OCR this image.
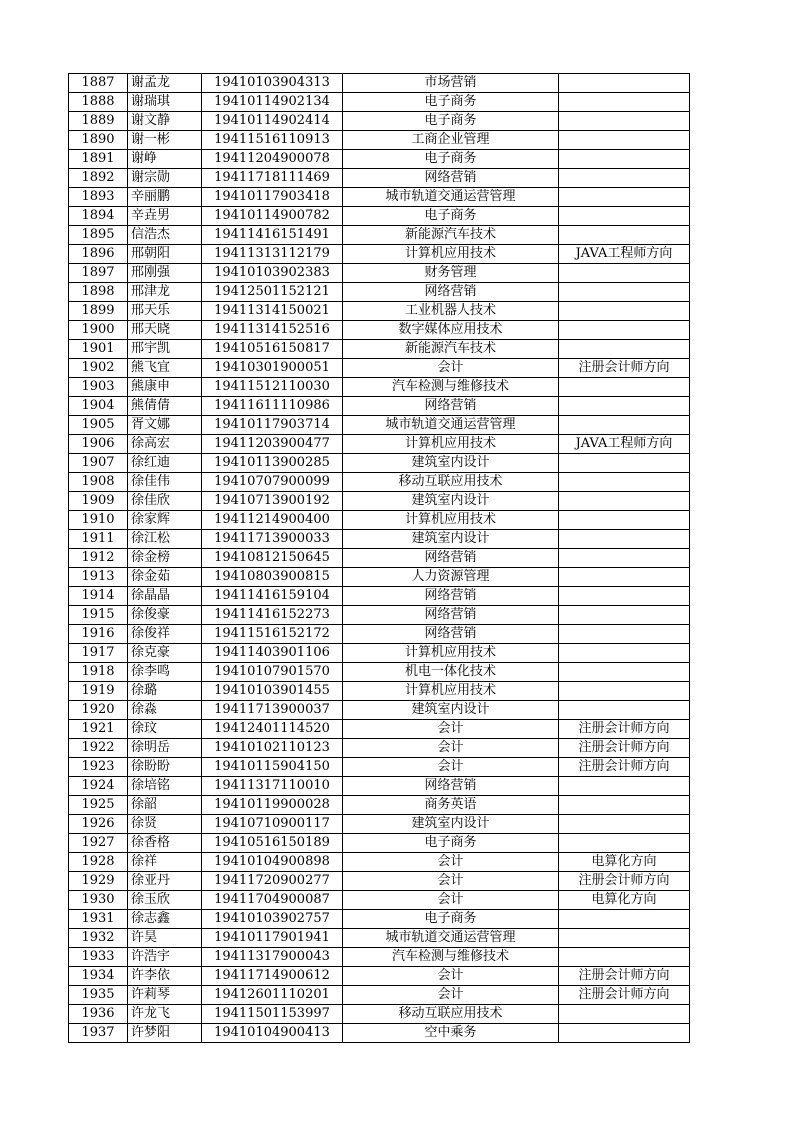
1887	谢孟龙	19410103904313	市场营销	
1888	谢瑞琪	19410114902134	电子商务	
1889	谢文静	19410114902414	电子商务	
1890	谢一彬	19411516110913	工商企业管理	
1891	谢峥	19411204900078	电子商务	
1892	谢宗勋	19411718111469	网络营销	
1893	辛丽鹏	19410117903418	城市轨道交通运营管理	
1894	辛垚男	19410114900782	电子商务	
1895	信浩杰	19411416151491	新能源汽车技术	
1896	邢朝阳	19411313112179	计算机应用技术	JAVA工程师方向
1897	邢刚强	19410103902383	财务管理	
1898	邢津龙	19412501152121	网络营销	
1899	邢天乐	19411314150021	工业机器人技术	
1900	邢天晓	19411314152516	数字媒体应用技术	
1901	邢宇凯	19410516150817	新能源汽车技术	
1902	熊飞宜	19410301900051	会计	注册会计师方向
1903	熊康申	19411512110030	汽车检测与维修技术	
1904	熊倩倩	19411611110986	网络营销	
1905	胥文娜	19410117903714	城市轨道交通运营管理	
1906	徐高宏	19411203900477	计算机应用技术	JAVA工程师方向
1907	徐红迪	19410113900285	建筑室内设计	
1908	徐佳伟	19410707900099	移动互联应用技术	
1909	徐佳欣	19410713900192	建筑室内设计	
1910	徐家辉	19411214900400	计算机应用技术	
1911	徐江松	19411713900033	建筑室内设计	
1912	徐金榜	19410812150645	网络营销	
1913	徐金茹	19410803900815	人力资源管理	
1914	徐晶晶	19411416159104	网络营销	
1915	徐俊豪	19411416152273	网络营销	
1916	徐俊祥	19411516152172	网络营销	
1917	徐克豪	19411403901106	计算机应用技术	
1918	徐李鸣	19410107901570	机电一体化技术	
1919	徐璐	19410103901455	计算机应用技术	
1920	徐淼	19411713900037	建筑室内设计	
1921	徐玟	19412401114520	会计	注册会计师方向
1922	徐明岳	19410102110123	会计	注册会计师方向
1923	徐盼盼	19410115904150	会计	注册会计师方向
1924	徐培铭	19411317110010	网络营销	
1925	徐韶	19410119900028	商务英语	
1926	徐贤	19410710900117	建筑室内设计	
1927	徐香格	19410516150189	电子商务	
1928	徐祥	19410104900898	会计	电算化方向
1929	徐亚丹	19411720900277	会计	注册会计师方向
1930	徐玉欣	19411704900087	会计	电算化方向
1931	徐志鑫	19410103902757	电子商务	
1932	许昊	19410117901941	城市轨道交通运营管理	
1933	许浩宇	19411317900043	汽车检测与维修技术	
1934	许李依	19411714900612	会计	注册会计师方向
1935	许莉琴	19412601110201	会计	注册会计师方向
1936	许龙飞	19411501153997	移动互联应用技术	
1937	许梦阳	19410104900413	空中乘务	
